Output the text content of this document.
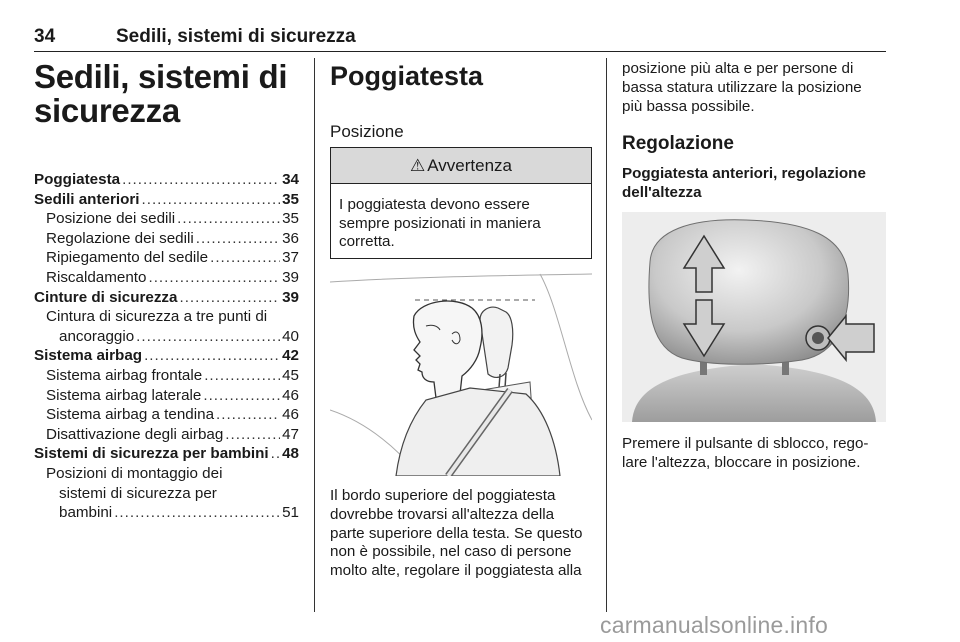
34	Sedili, sistemi di sicurezza
Sedili, sistemi di
sicurezza
Poggiatesta .....	34
Sedili anteriori .....	35
Posizione dei sedili .....	35
Regolazione dei sedili .....	36
Ripiegamento del sedile .....	37
Riscaldamento .....	39
Cinture di sicurezza .....	39
Cintura di sicurezza a tre punti di
ancoraggio .....	40
Sistema airbag .....	42
Sistema airbag frontale .....	45
Sistema airbag laterale .....	46
Sistema airbag a tendina .....	46
Disattivazione degli airbag .....	47
Sistemi di sicurezza per bambini ..... 48
Posizioni di montaggio dei
sistemi di sicurezza per
bambini .....	51
Poggiatesta
Posizione
⚠ Avvertenza
I poggiatesta devono essere
sempre posizionati in maniera
corretta.
Il bordo superiore del poggiatesta
dovrebbe trovarsi all'altezza della
parte superiore della testa. Se questo
non è possibile, nel caso di persone
molto alte, regolare il poggiatesta alla
posizione più alta e per persone di
bassa statura utilizzare la posizione
più bassa possibile.
Regolazione
Poggiatesta anteriori, regolazione
dell'altezza
Premere il pulsante di sblocco, rego-
lare l'altezza, bloccare in posizione.
carmanualsonline.info
